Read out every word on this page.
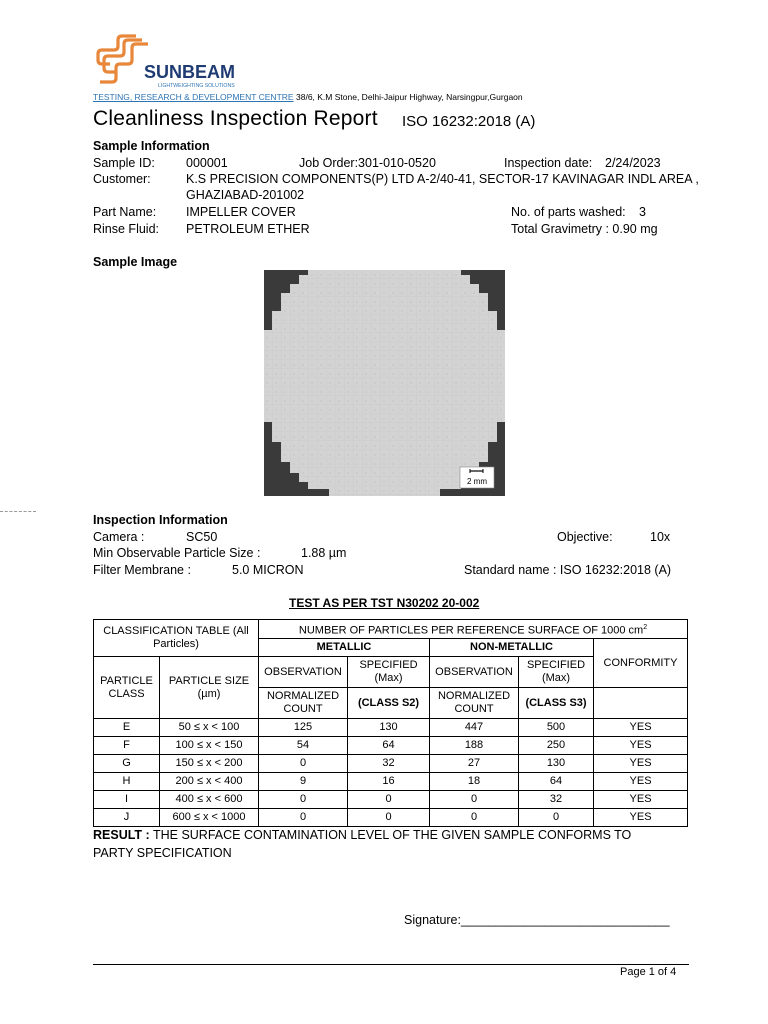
SUNBEAM
LIGHTWEIGHTING SOLUTIONS
TESTING, RESEARCH & DEVELOPMENT CENTRE 38/6, K.M Stone, Delhi-Jaipur Highway, Narsingpur,Gurgaon
Cleanliness Inspection Report ISO 16232:2018 (A)
Sample Information
Sample ID: 000001	Job Order:301-010-0520	Inspection date: 2/24/2023
Customer:	K.S PRECISION COMPONENTS(P) LTD A-2/40-41, SECTOR-17 KAVINAGAR INDL AREA ,
GHAZIABAD-201002
Part Name: IMPELLER COVER	No. of parts washed: 3
Rinse Fluid: PETROLEUM ETHER	Total Gravimetry : 0.90 mg
Sample Image
2 mm
Inspection Information
Camera :	SC50	Objective:	10x
Min Observable Particle Size :	1.88 µm
Filter Membrane :	5.0 MICRON	Standard name : ISO 16232:2018 (A)
TEST AS PER TST N30202 20-002
CLASSIFICATION TABLE (All Particles)		NUMBER OF PARTICLES PER REFERENCE SURFACE OF 1000 $cm^2$
		METALLIC		NON-METALLIC		CONFORMITY
PARTICLE CLASS	PARTICLE SIZE (µm)	OBSERVATION	SPECIFIED (Max)	OBSERVATION	SPECIFIED (Max)	
		NORMALIZED COUNT	(CLASS S2)	NORMALIZED COUNT	(CLASS S3)	
E	50 ≤ x < 100	125	130	447	500	YES
F	100 ≤ x < 150	54	64	188	250	YES
G	150 ≤ x < 200	0	32	27	130	YES
H	200 ≤ x < 400	9	16	18	64	YES
I	400 ≤ x < 600	0	0	0	32	YES
J	600 ≤ x < 1000	0	0	0	0	YES
RESULT : THE SURFACE CONTAMINATION LEVEL OF THE GIVEN SAMPLE CONFORMS TO PARTY SPECIFICATION
Signature:______________________________
Page 1 of 4
